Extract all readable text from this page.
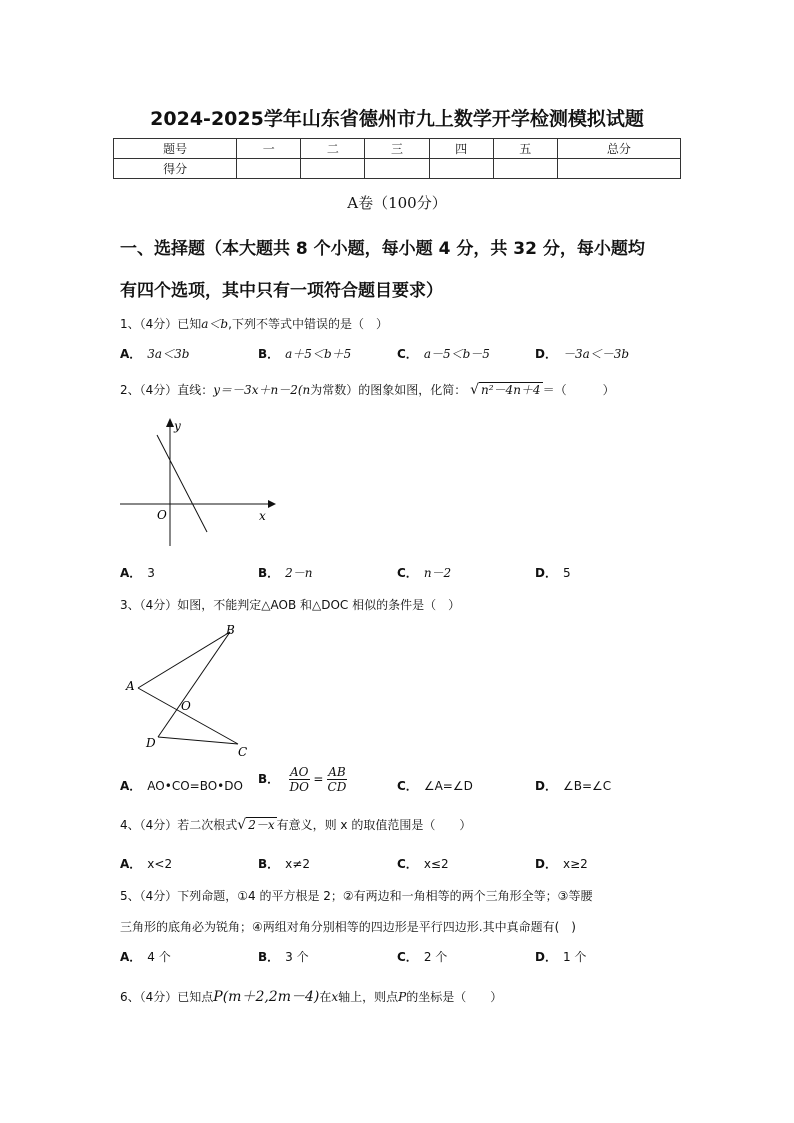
2024-2025学年山东省德州市九上数学开学检测模拟试题
题号	一	二	三	四	五	总分
得分						
A卷（100分）
一、选择题（本大题共 8 个小题，每小题 4 分，共 32 分，每小题均
有四个选项，其中只有一项符合题目要求）
1、（4分）已知a＜b,下列不等式中错误的是（　）
A． 3a＜3b	B． a＋5＜b＋5	C． a－5＜b－5	D． －3a＜－3b
2、（4分）直线：y＝－3x＋n－2(n为常数）的图象如图，化简： √ n²－4n＋4 ＝（　　　）
x
y
O
A． 3	B． 2－n	C． n－2	D． 5
3、（4分）如图，不能判定△AOB 和△DOC 相似的条件是（　）
A
B
C
D
O
A． AO•CO=BO•DO B． $\frac{AO}{DO} = \frac{AB}{CD}$	C． ∠A=∠D	D． ∠B=∠C
4、（4分）若二次根式√ 2－x 有意义，则 x 的取值范围是（　　）
A． x<2	B． x≠2	C． x≤2	D． x≥2
5、（4分）下列命题，①4 的平方根是 2；②有两边和一角相等的两个三角形全等；③等腰
三角形的底角必为锐角；④两组对角分别相等的四边形是平行四边形.其中真命题有(　)
A． 4 个	B． 3 个	C． 2 个	D． 1 个
6、（4分）已知点P(m＋2,2m－4)在x轴上，则点P的坐标是（　　）
